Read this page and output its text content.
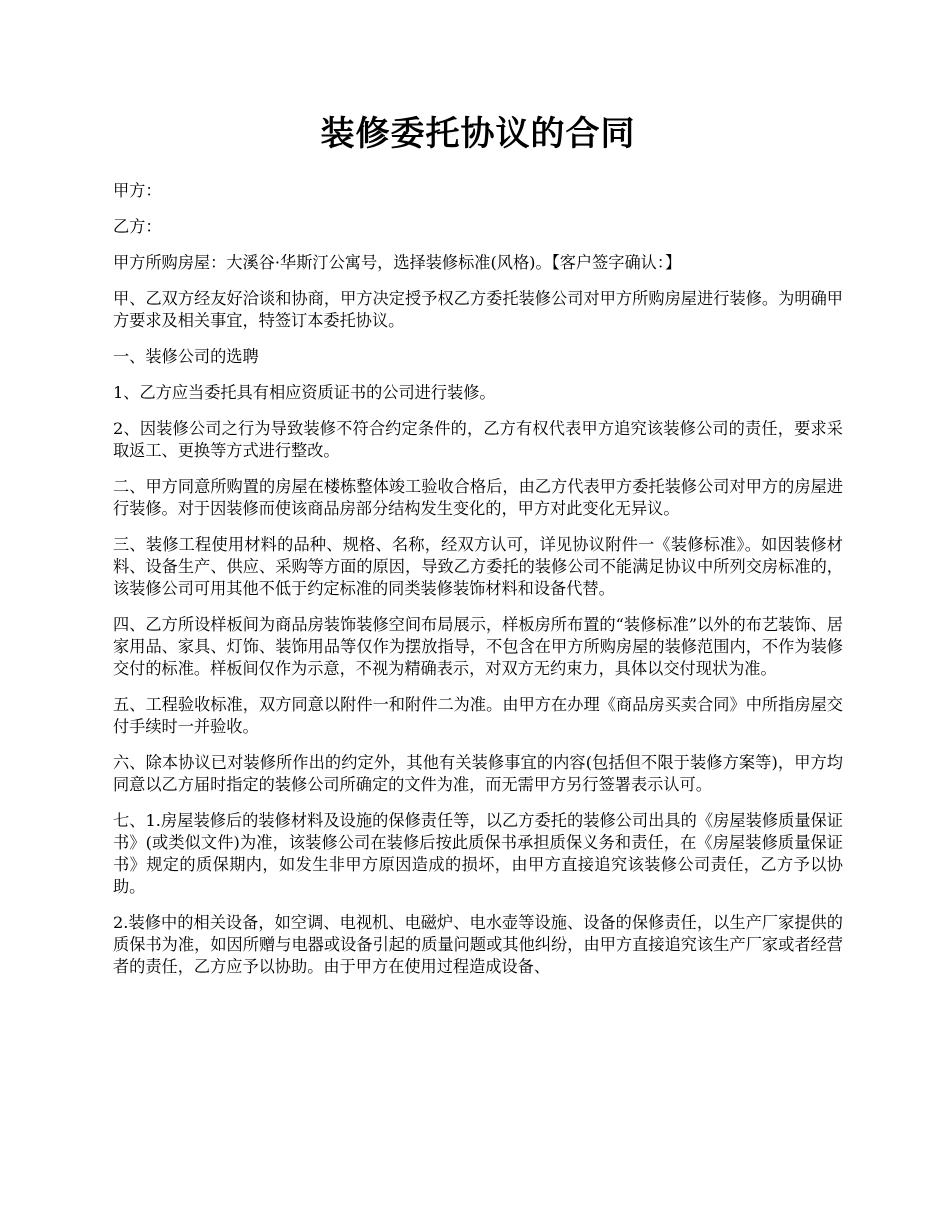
装修委托协议的合同

甲方：

乙方：

甲方所购房屋：大溪谷·华斯汀公寓号，选择装修标准(风格)。【客户签字确认：】

甲、乙双方经友好洽谈和协商，甲方决定授予权乙方委托装修公司对甲方所购房屋进行装修。为明确甲方要求及相关事宜，特签订本委托协议。

一、装修公司的选聘

1、乙方应当委托具有相应资质证书的公司进行装修。

2、因装修公司之行为导致装修不符合约定条件的，乙方有权代表甲方追究该装修公司的责任，要求采取返工、更换等方式进行整改。

二、甲方同意所购置的房屋在楼栋整体竣工验收合格后，由乙方代表甲方委托装修公司对甲方的房屋进行装修。对于因装修而使该商品房部分结构发生变化的，甲方对此变化无异议。

三、装修工程使用材料的品种、规格、名称，经双方认可，详见协议附件一《装修标准》。如因装修材料、设备生产、供应、采购等方面的原因，导致乙方委托的装修公司不能满足协议中所列交房标准的，该装修公司可用其他不低于约定标准的同类装修装饰材料和设备代替。

四、乙方所设样板间为商品房装饰装修空间布局展示，样板房所布置的“装修标准”以外的布艺装饰、居家用品、家具、灯饰、装饰用品等仅作为摆放指导，不包含在甲方所购房屋的装修范围内，不作为装修交付的标准。样板间仅作为示意，不视为精确表示，对双方无约束力，具体以交付现状为准。

五、工程验收标准，双方同意以附件一和附件二为准。由甲方在办理《商品房买卖合同》中所指房屋交付手续时一并验收。

六、除本协议已对装修所作出的约定外，其他有关装修事宜的内容(包括但不限于装修方案等)，甲方均同意以乙方届时指定的装修公司所确定的文件为准，而无需甲方另行签署表示认可。

七、1.房屋装修后的装修材料及设施的保修责任等，以乙方委托的装修公司出具的《房屋装修质量保证书》(或类似文件)为准，该装修公司在装修后按此质保书承担质保义务和责任，在《房屋装修质量保证书》规定的质保期内，如发生非甲方原因造成的损坏，由甲方直接追究该装修公司责任，乙方予以协助。

2.装修中的相关设备，如空调、电视机、电磁炉、电水壶等设施、设备的保修责任，以生产厂家提供的质保书为准，如因所赠与电器或设备引起的质量问题或其他纠纷，由甲方直接追究该生产厂家或者经营者的责任，乙方应予以协助。由于甲方在使用过程造成设备、
